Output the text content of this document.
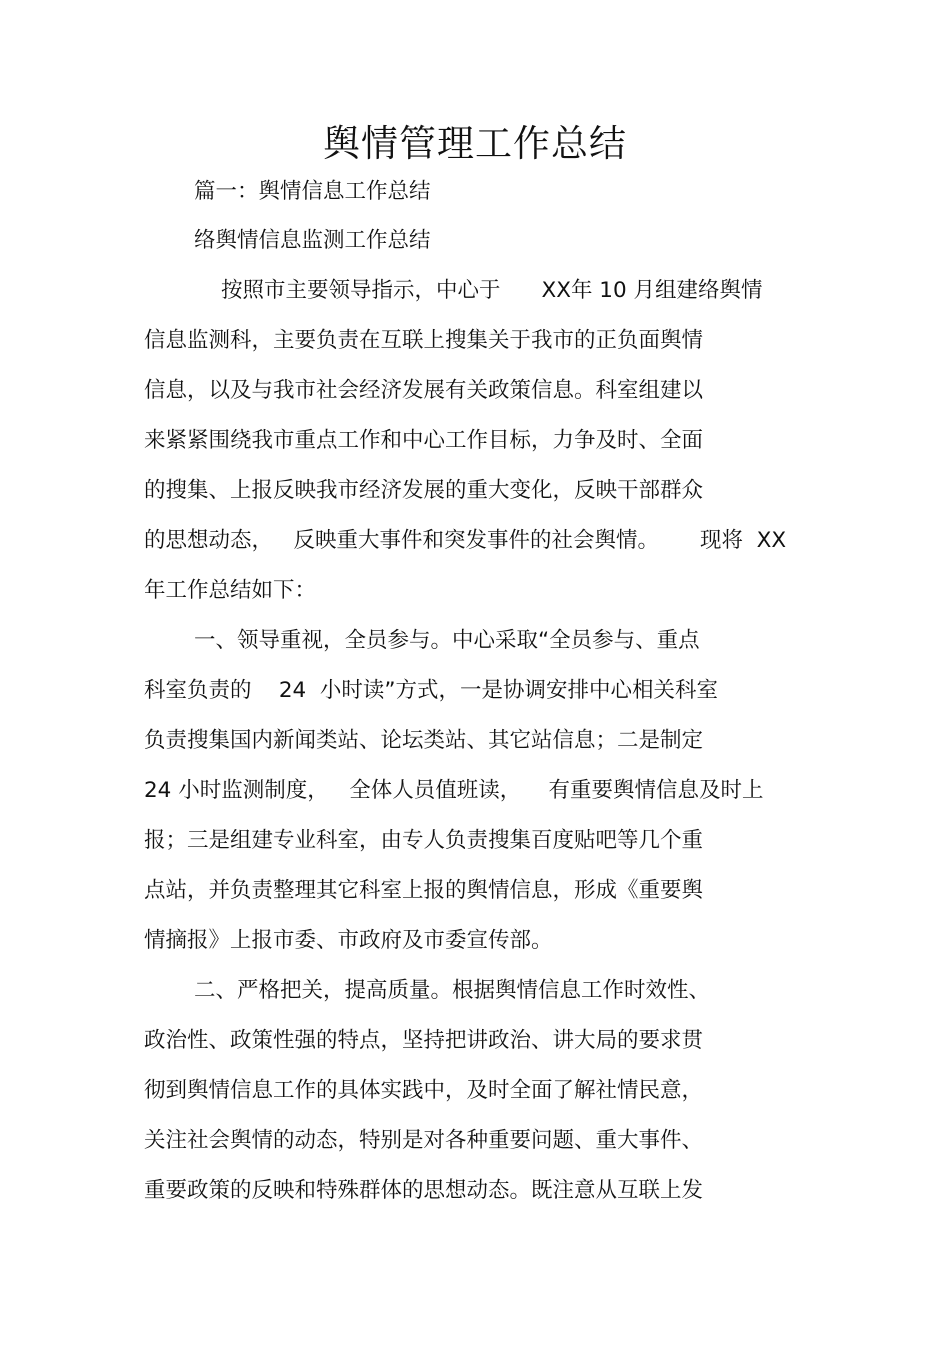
舆情管理工作总结
篇一：舆情信息工作总结
络舆情信息监测工作总结
按照市主要领导指示，中心于      XX年 10 月组建络舆情
信息监测科，主要负责在互联上搜集关于我市的正负面舆情
信息，以及与我市社会经济发展有关政策信息。科室组建以
来紧紧围绕我市重点工作和中心工作目标，力争及时、全面
的搜集、上报反映我市经济发展的重大变化，反映干部群众
的思想动态，   反映重大事件和突发事件的社会舆情。      现将  XX
年工作总结如下：
一、领导重视，全员参与。中心采取“全员参与、重点
科室负责的    24  小时读”方式，一是协调安排中心相关科室
负责搜集国内新闻类站、论坛类站、其它站信息；二是制定
24 小时监测制度，   全体人员值班读，    有重要舆情信息及时上
报；三是组建专业科室，由专人负责搜集百度贴吧等几个重
点站，并负责整理其它科室上报的舆情信息，形成《重要舆
情摘报》上报市委、市政府及市委宣传部。
二、严格把关，提高质量。根据舆情信息工作时效性、
政治性、政策性强的特点，坚持把讲政治、讲大局的要求贯
彻到舆情信息工作的具体实践中，及时全面了解社情民意，
关注社会舆情的动态，特别是对各种重要问题、重大事件、
重要政策的反映和特殊群体的思想动态。既注意从互联上发
